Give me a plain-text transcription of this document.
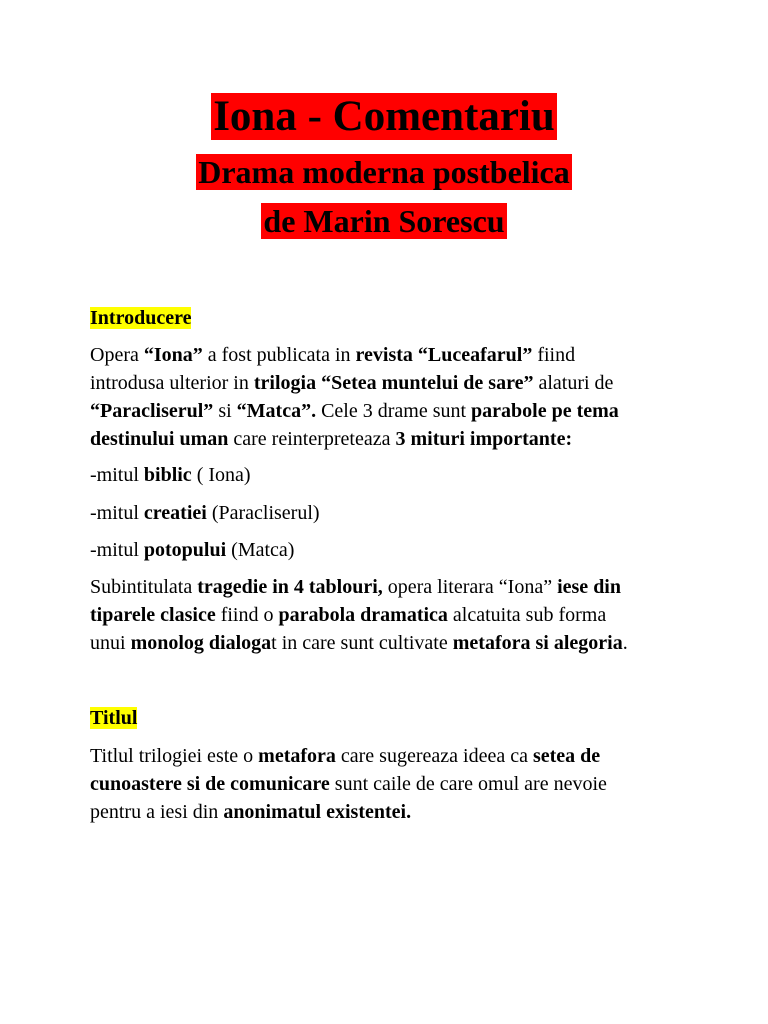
Iona - Comentariu
Drama moderna postbelica
de Marin Sorescu
Introducere
Opera “Iona” a fost publicata in revista “Luceafarul” fiind
introdusa ulterior in trilogia “Setea muntelui de sare” alaturi de
“Paracliserul” si “Matca”. Cele 3 drame sunt parabole pe tema
destinului uman care reinterpreteaza 3 mituri importante:
-mitul biblic ( Iona)
-mitul creatiei (Paracliserul)
-mitul potopului (Matca)
Subintitulata tragedie in 4 tablouri, opera literara “Iona” iese din
tiparele clasice fiind o parabola dramatica alcatuita sub forma
unui monolog dialogat in care sunt cultivate metafora si alegoria.
Titlul
Titlul trilogiei este o metafora care sugereaza ideea ca setea de
cunoastere si de comunicare sunt caile de care omul are nevoie
pentru a iesi din anonimatul existentei.
